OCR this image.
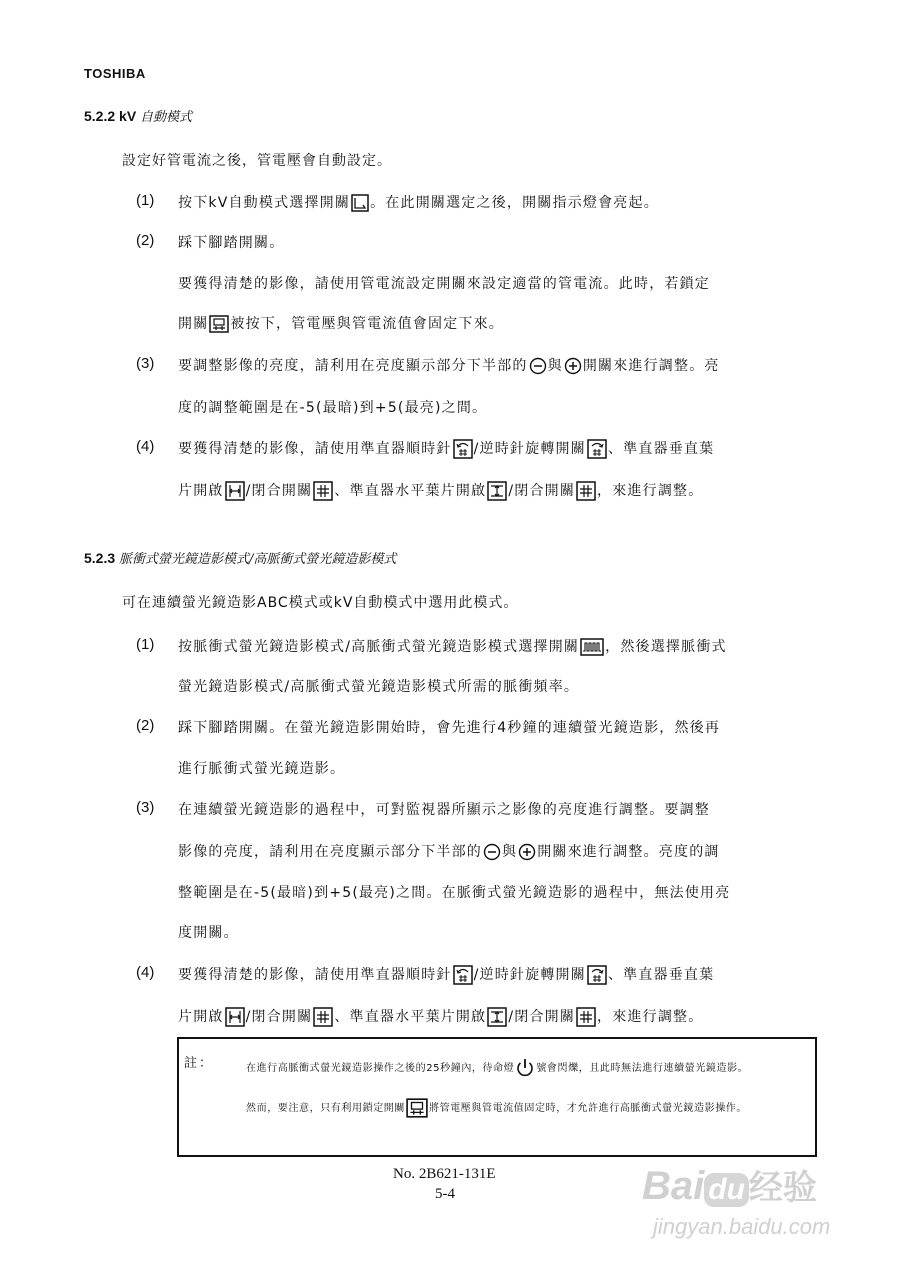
TOSHIBA
5.2.2 kV 自動模式
設定好管電流之後，管電壓會自動設定。
(1) 按下kV自動模式選擇開關 。在此開關選定之後，開關指示燈會亮起。
(2) 踩下腳踏開關。
要獲得清楚的影像，請使用管電流設定開關來設定適當的管電流。此時，若鎖定
開關 被按下，管電壓與管電流值會固定下來。
(3) 要調整影像的亮度，請利用在亮度顯示部分下半部的 與 開關來進行調整。亮
度的調整範圍是在-5(最暗)到+5(最亮)之間。
(4) 要獲得清楚的影像，請使用準直器順時針 /逆時針旋轉開關 、準直器垂直葉
片開啟 /閉合開關 、準直器水平葉片開啟 /閉合開關 ，來進行調整。
5.2.3 脈衝式螢光鏡造影模式/高脈衝式螢光鏡造影模式
可在連續螢光鏡造影ABC模式或kV自動模式中選用此模式。
(1) 按脈衝式螢光鏡造影模式/高脈衝式螢光鏡造影模式選擇開關 ，然後選擇脈衝式
螢光鏡造影模式/高脈衝式螢光鏡造影模式所需的脈衝頻率。
(2) 踩下腳踏開關。在螢光鏡造影開始時，會先進行4秒鐘的連續螢光鏡造影，然後再
進行脈衝式螢光鏡造影。
(3) 在連續螢光鏡造影的過程中，可對監視器所顯示之影像的亮度進行調整。要調整
影像的亮度，請利用在亮度顯示部分下半部的 與 開關來進行調整。亮度的調
整範圍是在-5(最暗)到+5(最亮)之間。在脈衝式螢光鏡造影的過程中，無法使用亮
度開關。
(4) 要獲得清楚的影像，請使用準直器順時針 /逆時針旋轉開關 、準直器垂直葉
片開啟 /閉合開關 、準直器水平葉片開啟 /閉合開關 ，來進行調整。
註：	在進行高脈衝式螢光鏡造影操作之後的25秒鐘內，待命燈 號會閃爍，且此時無法進行連續螢光鏡造影。
然而，要注意，只有利用鎖定開關 將管電壓與管電流值固定時，才允許進行高脈衝式螢光鏡造影操作。
No. 2B621-131E
5-4	Bai du 经验
jingyan.baidu.com
